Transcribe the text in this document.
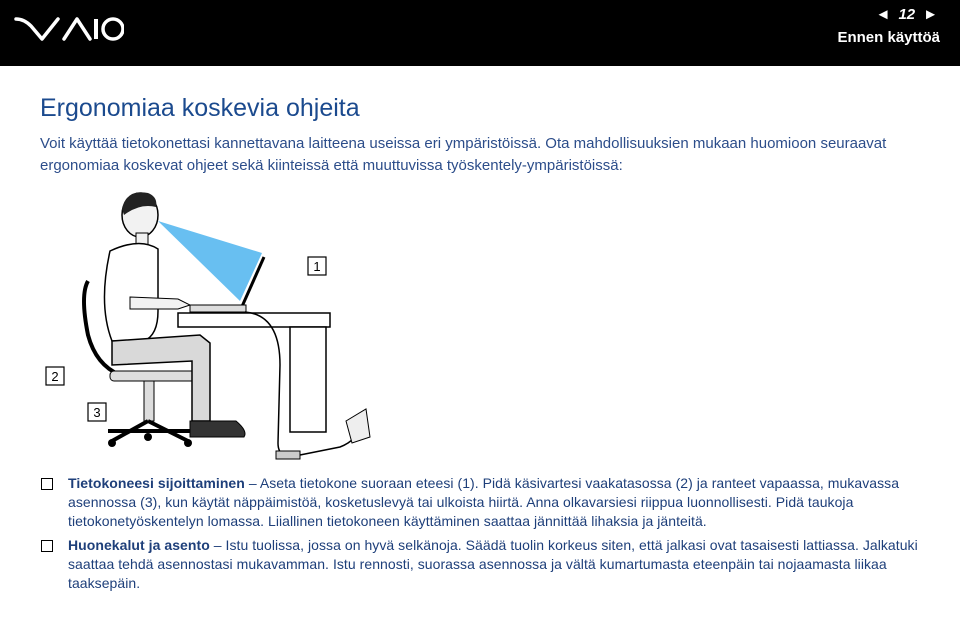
◄ 12 ►
Ennen käyttöä
Ergonomiaa koskevia ohjeita

Voit käyttää tietokonettasi kannettavana laitteena useissa eri ympäristöissä. Ota mahdollisuuksien mukaan huomioon seuraavat ergonomiaa koskevat ohjeet sekä kiinteissä että muuttuvissa työskentely-ympäristöissä:

1
2
3
Tietokoneesi sijoittaminen – Aseta tietokone suoraan eteesi (1). Pidä käsivartesi vaakatasossa (2) ja ranteet vapaassa, mukavassa asennossa (3), kun käytät näppäimistöä, kosketuslevyä tai ulkoista hiirtä. Anna olkavarsiesi riippua luonnollisesti. Pidä taukoja tietokonetyöskentelyn lomassa. Liiallinen tietokoneen käyttäminen saattaa jännittää lihaksia ja jänteitä.
Huonekalut ja asento – Istu tuolissa, jossa on hyvä selkänoja. Säädä tuolin korkeus siten, että jalkasi ovat tasaisesti lattiassa. Jalkatuki saattaa tehdä asennostasi mukavamman. Istu rennosti, suorassa asennossa ja vältä kumartumasta eteenpäin tai nojaamasta liikaa taaksepäin.
